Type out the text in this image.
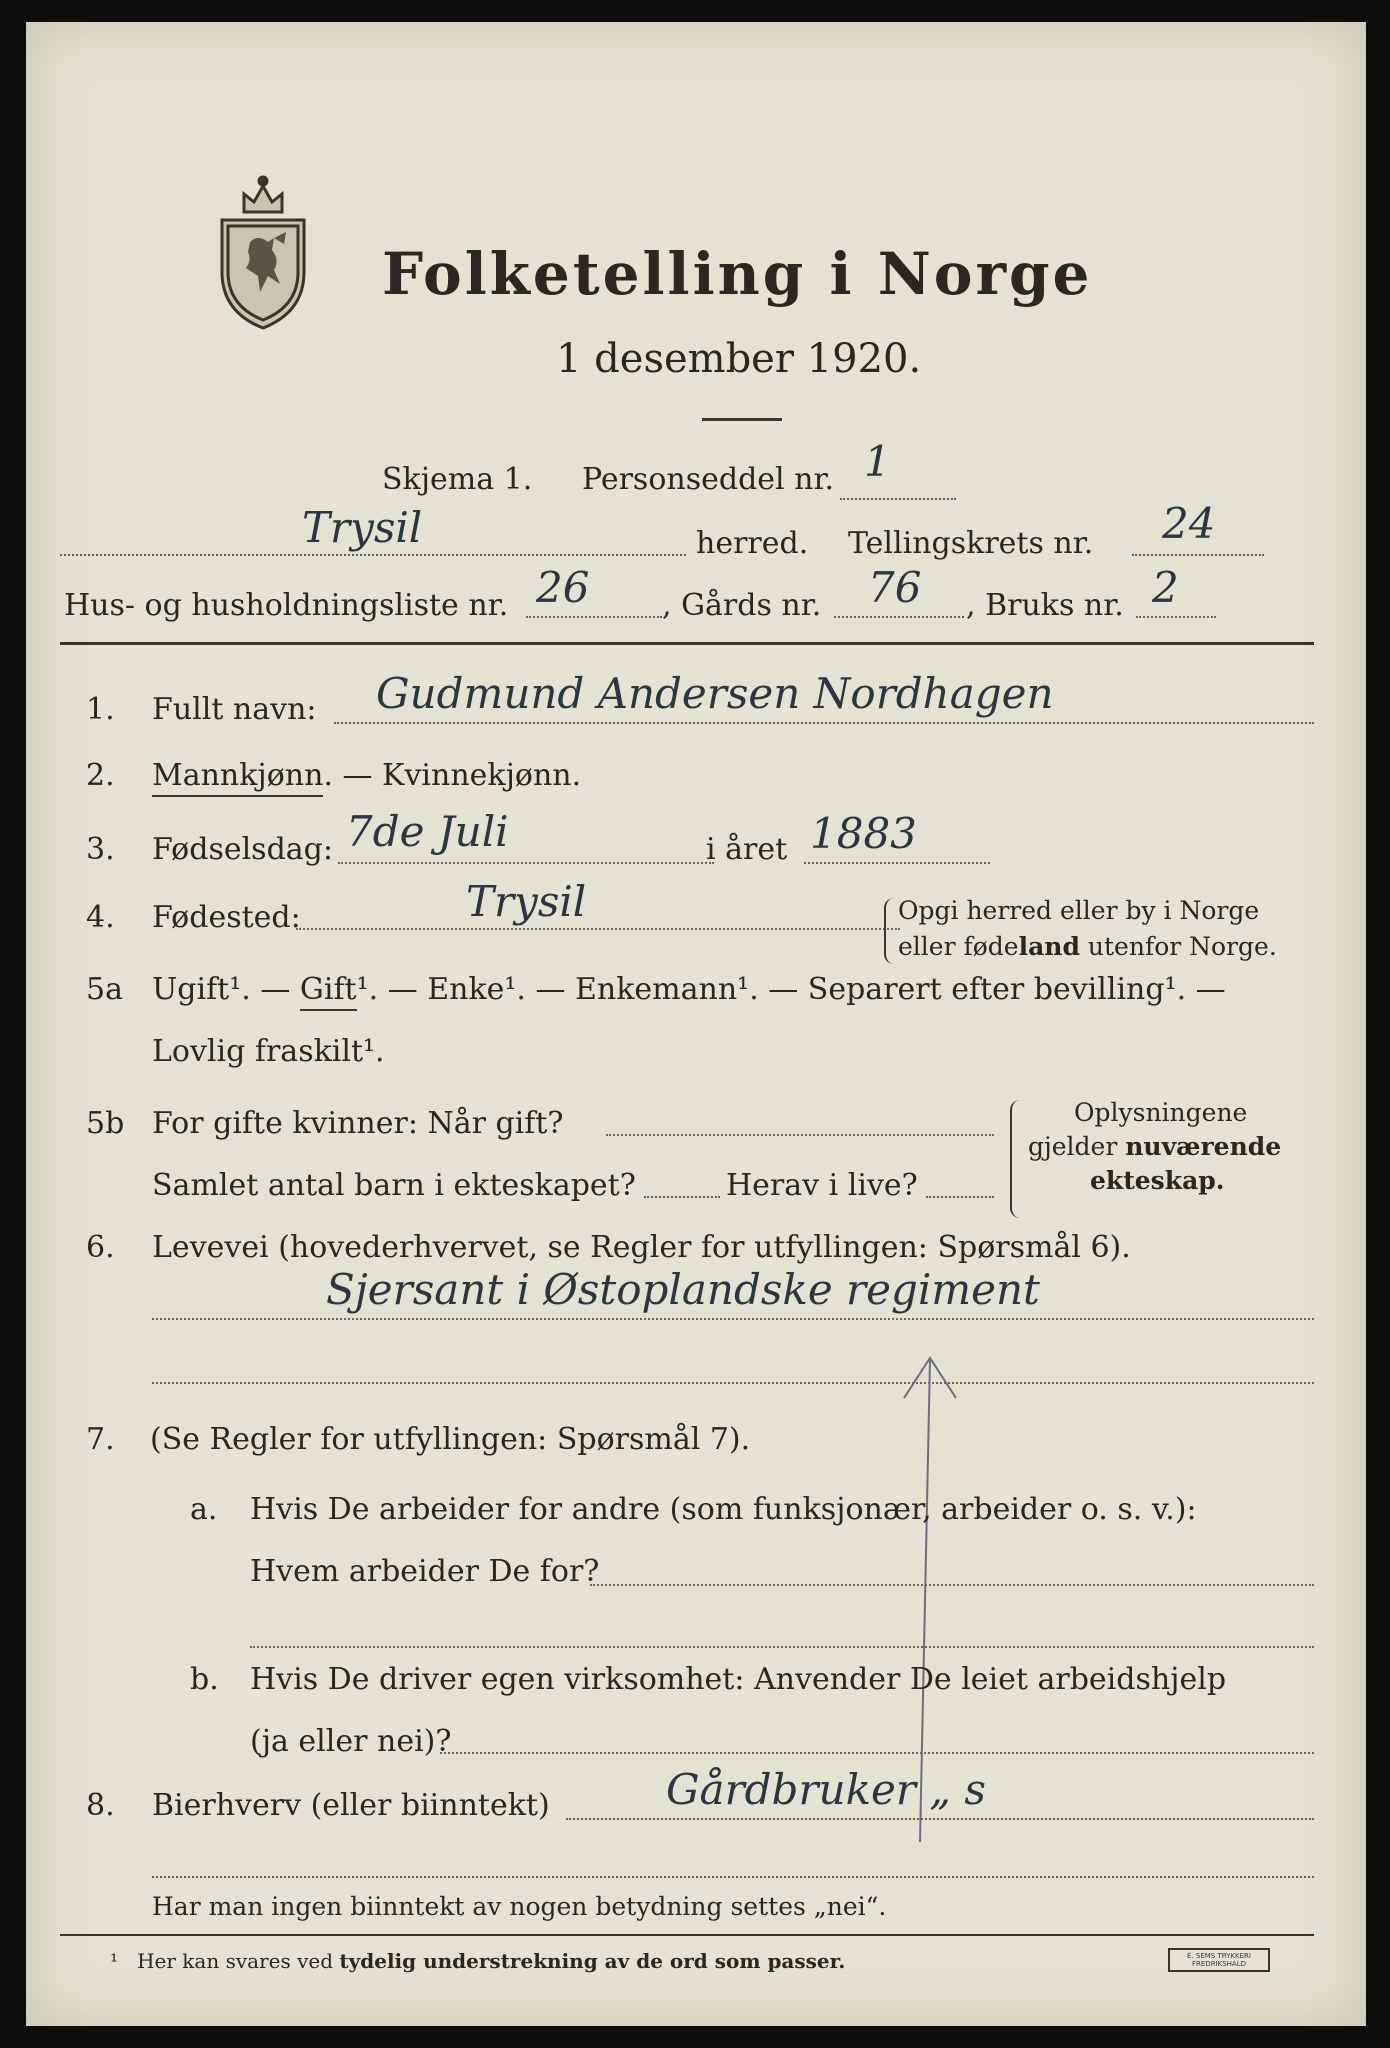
Folketelling i Norge
1 desember 1920.
Skjema 1. Personseddel nr. 1
Trysil	herred. Tellingskrets nr. 24
Hus- og husholdningsliste nr. 26 , Gårds nr. 76 , Bruks nr. 2
1. Fullt navn: Gudmund Andersen Nordhagen
2. Mannkjønn. — Kvinnekjønn.
3. Fødselsdag: 7de Juli	i året 1883
4. Fødested:	Trysil	Opgi herred eller by i Norge
eller fødeland utenfor Norge.
5a Ugift¹. — Gift¹. — Enke¹. — Enkemann¹. — Separert efter bevilling¹. —
Lovlig fraskilt¹.
5b For gifte kvinner: Når gift?
Samlet antal barn i ekteskapet?	Herav i live?
Oplysningene
gjelder nuværende
ekteskap.
6. Levevei (hovederhvervet, se Regler for utfyllingen: Spørsmål 6).
Sjersant i Østoplandske regiment
7. (Se Regler for utfyllingen: Spørsmål 7).
a. Hvis De arbeider for andre (som funksjonær, arbeider o. s. v.):
Hvem arbeider De for?
b. Hvis De driver egen virksomhet: Anvender De leiet arbeidshjelp
(ja eller nei)?
8. Bierhverv (eller biinntekt)	Gårdbruker „ s
Har man ingen biinntekt av nogen betydning settes „nei“.
¹ Her kan svares ved tydelig understrekning av de ord som passer.	E. SEMS TRYKKERI
FREDRIKSHALD
